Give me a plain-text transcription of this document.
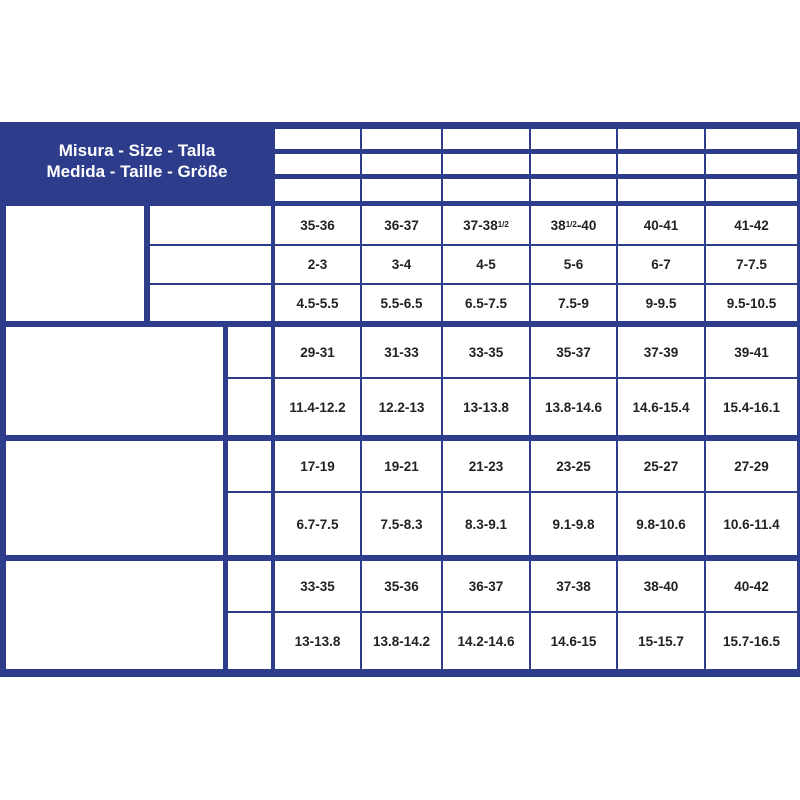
Misura - Size - Talla
Medida - Taille - Größe
35-36	36-37	37-38 1/2	38 1/2 -40	40-41	41-42
2-3	3-4	4-5	5-6	6-7	7-7.5
4.5-5.5	5.5-6.5	6.5-7.5	7.5-9	9-9.5	9.5-10.5
29-31	31-33	33-35	35-37	37-39	39-41
11.4-12.2	12.2-13	13-13.8	13.8-14.6	14.6-15.4	15.4-16.1
17-19	19-21	21-23	23-25	25-27	27-29
6.7-7.5	7.5-8.3	8.3-9.1	9.1-9.8	9.8-10.6	10.6-11.4
33-35	35-36	36-37	37-38	38-40	40-42
13-13.8	13.8-14.2	14.2-14.6	14.6-15	15-15.7	15.7-16.5
